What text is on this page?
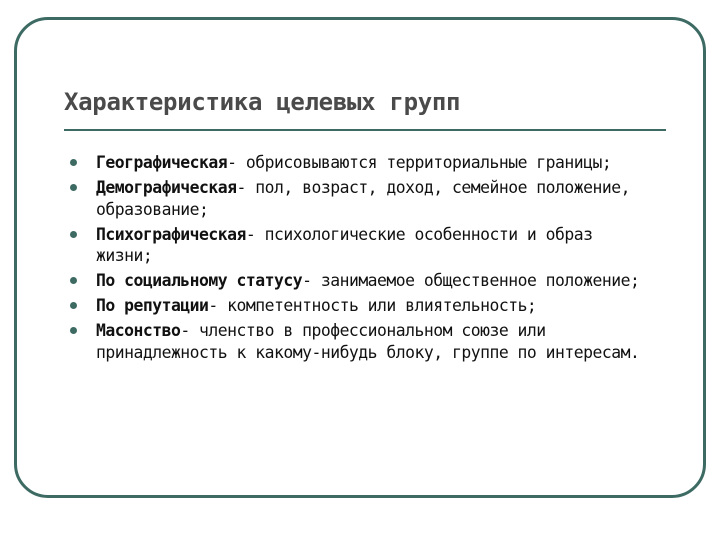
Характеристика целевых групп
Географическая- обрисовываются территориальные границы;
Демографическая- пол, возраст, доход, семейное положение, образование;
Психографическая- психологические особенности и образ жизни;
По социальному статусу- занимаемое общественное положение;
По репутации- компетентность или влиятельность;
Масонство- членство в профессиональном союзе или принадлежность к какому-нибудь блоку, группе по интересам.
